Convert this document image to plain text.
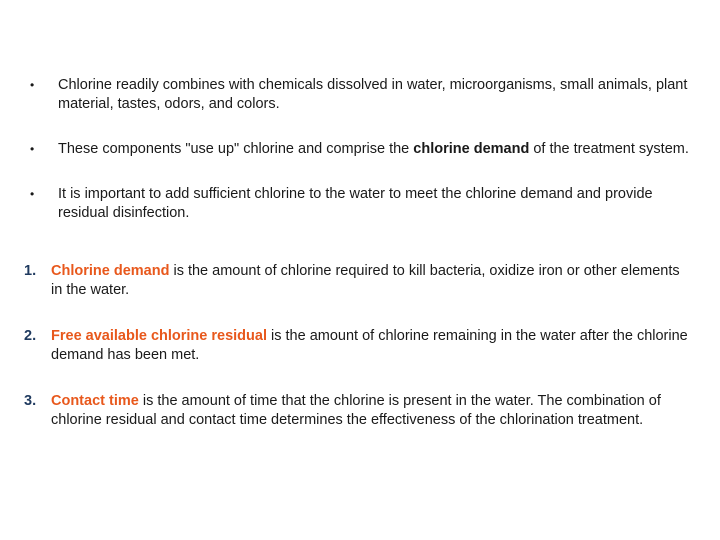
• Chlorine readily combines with chemicals dissolved in water, microorganisms, small animals, plant material, tastes, odors, and colors.
• These components "use up" chlorine and comprise the chlorine demand of the treatment system.
• It is important to add sufficient chlorine to the water to meet the chlorine demand and provide residual disinfection.
1. Chlorine demand is the amount of chlorine required to kill bacteria, oxidize iron or other elements in the water.
2. Free available chlorine residual is the amount of chlorine remaining in the water after the chlorine demand has been met.
3. Contact time is the amount of time that the chlorine is present in the water. The combination of chlorine residual and contact time determines the effectiveness of the chlorination treatment.
